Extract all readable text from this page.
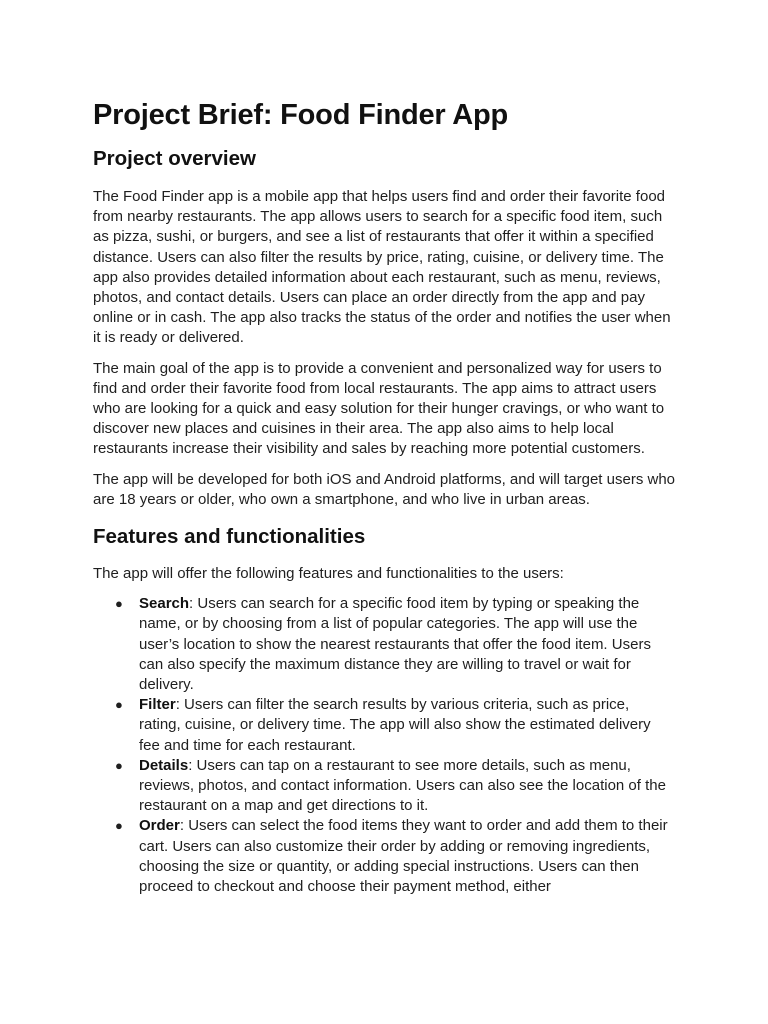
Project Brief: Food Finder App
Project overview

The Food Finder app is a mobile app that helps users find and order their favorite food from nearby restaurants. The app allows users to search for a specific food item, such as pizza, sushi, or burgers, and see a list of restaurants that offer it within a specified distance. Users can also filter the results by price, rating, cuisine, or delivery time. The app also provides detailed information about each restaurant, such as menu, reviews, photos, and contact details. Users can place an order directly from the app and pay online or in cash. The app also tracks the status of the order and notifies the user when it is ready or delivered.

The main goal of the app is to provide a convenient and personalized way for users to find and order their favorite food from local restaurants. The app aims to attract users who are looking for a quick and easy solution for their hunger cravings, or who want to discover new places and cuisines in their area. The app also aims to help local restaurants increase their visibility and sales by reaching more potential customers.

The app will be developed for both iOS and Android platforms, and will target users who are 18 years or older, who own a smartphone, and who live in urban areas.

Features and functionalities

The app will offer the following features and functionalities to the users:

● Search: Users can search for a specific food item by typing or speaking the name, or by choosing from a list of popular categories. The app will use the user’s location to show the nearest restaurants that offer the food item. Users can also specify the maximum distance they are willing to travel or wait for delivery.
● Filter: Users can filter the search results by various criteria, such as price, rating, cuisine, or delivery time. The app will also show the estimated delivery fee and time for each restaurant.
● Details: Users can tap on a restaurant to see more details, such as menu, reviews, photos, and contact information. Users can also see the location of the restaurant on a map and get directions to it.
● Order: Users can select the food items they want to order and add them to their cart. Users can also customize their order by adding or removing ingredients, choosing the size or quantity, or adding special instructions. Users can then proceed to checkout and choose their payment method, either
